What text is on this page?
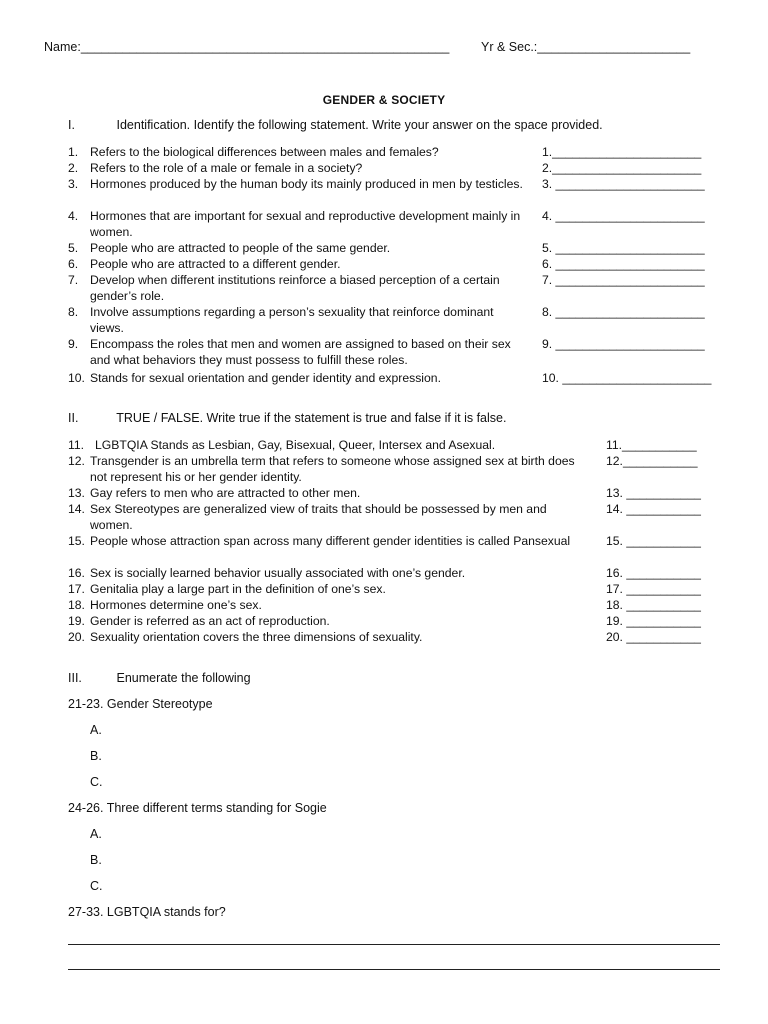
Name:_____________________________________________________	Yr & Sec.:______________________
GENDER & SOCIETY
I.	Identification. Identify the following statement. Write your answer on the space provided.
1. Refers to the biological differences between males and females?	1.______________________
2. Refers to the role of a male or female in a society?	2.______________________
3. Hormones produced by the human body its mainly produced in men by testicles.	3. ______________________
4. Hormones that are important for sexual and reproductive development mainly in women.
4. ______________________
5. People who are attracted to people of the same gender.	5. ______________________
6. People who are attracted to a different gender.	6. ______________________
7. Develop when different institutions reinforce a biased perception of a certain gender’s role.
7. ______________________
8. Involve assumptions regarding a person’s sexuality that reinforce dominant views.
8. ______________________
9. Encompass the roles that men and women are assigned to based on their sex and what behaviors they must possess to fulfill these roles.
9. ______________________
10. Stands for sexual orientation and gender identity and expression.	10. ______________________
II.	TRUE / FALSE. Write true if the statement is true and false if it is false.
11. LGBTQIA Stands as Lesbian, Gay, Bisexual, Queer, Intersex and Asexual.	11.___________
12. Transgender is an umbrella term that refers to someone whose assigned sex at birth does not represent his or her gender identity.
12.___________
13. Gay refers to men who are attracted to other men.	13. ___________
14. Sex Stereotypes are generalized view of traits that should be possessed by men and women.
14. ___________
15. People whose attraction span across many different gender identities is called Pansexual	15. ___________
16. Sex is socially learned behavior usually associated with one’s gender.	16. ___________
17. Genitalia play a large part in the definition of one’s sex.	17. ___________
18. Hormones determine one’s sex.	18. ___________
19. Gender is referred as an act of reproduction.	19. ___________
20. Sexuality orientation covers the three dimensions of sexuality.	20. ___________
III.	Enumerate the following
21-23. Gender Stereotype
A.
B.
C.
24-26. Three different terms standing for Sogie
A.
B.
C.
27-33. LGBTQIA stands for?
